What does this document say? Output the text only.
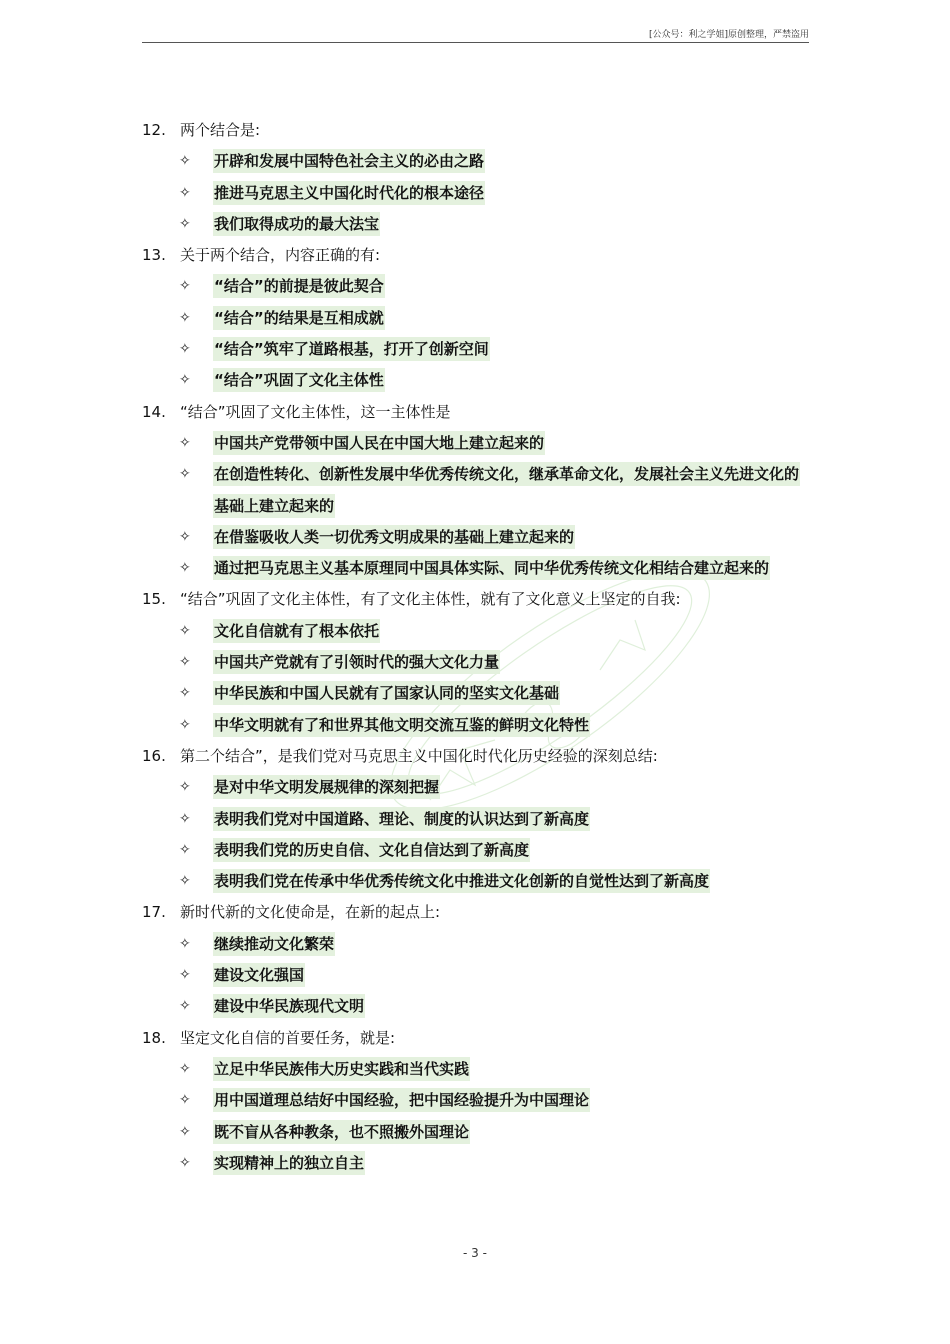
[公众号：利之学姐]原创整理，严禁盗用
12. 两个结合是:
✧	开辟和发展中国特色社会主义的必由之路
✧	推进马克思主义中国化时代化的根本途径
✧	我们取得成功的最大法宝
13. 关于两个结合，内容正确的有:
✧	“结合”的前提是彼此契合
✧	“结合”的结果是互相成就
✧	“结合”筑牢了道路根基，打开了创新空间
✧	“结合”巩固了文化主体性
14. “结合”巩固了文化主体性，这一主体性是
✧	中国共产党带领中国人民在中国大地上建立起来的
✧	在创造性转化、创新性发展中华优秀传统文化，继承革命文化，发展社会主义先进文化的基础上建立起来的
✧	在借鉴吸收人类一切优秀文明成果的基础上建立起来的
✧	通过把马克思主义基本原理同中国具体实际、同中华优秀传统文化相结合建立起来的
15. “结合”巩固了文化主体性，有了文化主体性，就有了文化意义上坚定的自我:
✧	文化自信就有了根本依托
✧	中国共产党就有了引领时代的强大文化力量
✧	中华民族和中国人民就有了国家认同的坚实文化基础
✧	中华文明就有了和世界其他文明交流互鉴的鲜明文化特性
16. 第二个结合”，是我们党对马克思主义中国化时代化历史经验的深刻总结:
✧	是对中华文明发展规律的深刻把握
✧	表明我们党对中国道路、理论、制度的认识达到了新高度
✧	表明我们党的历史自信、文化自信达到了新高度
✧	表明我们党在传承中华优秀传统文化中推进文化创新的自觉性达到了新高度
17. 新时代新的文化使命是，在新的起点上:
✧	继续推动文化繁荣
✧	建设文化强国
✧	建设中华民族现代文明
18. 坚定文化自信的首要任务，就是:
✧	立足中华民族伟大历史实践和当代实践
✧	用中国道理总结好中国经验，把中国经验提升为中国理论
✧	既不盲从各种教条，也不照搬外国理论
✧	实现精神上的独立自主
- 3 -
